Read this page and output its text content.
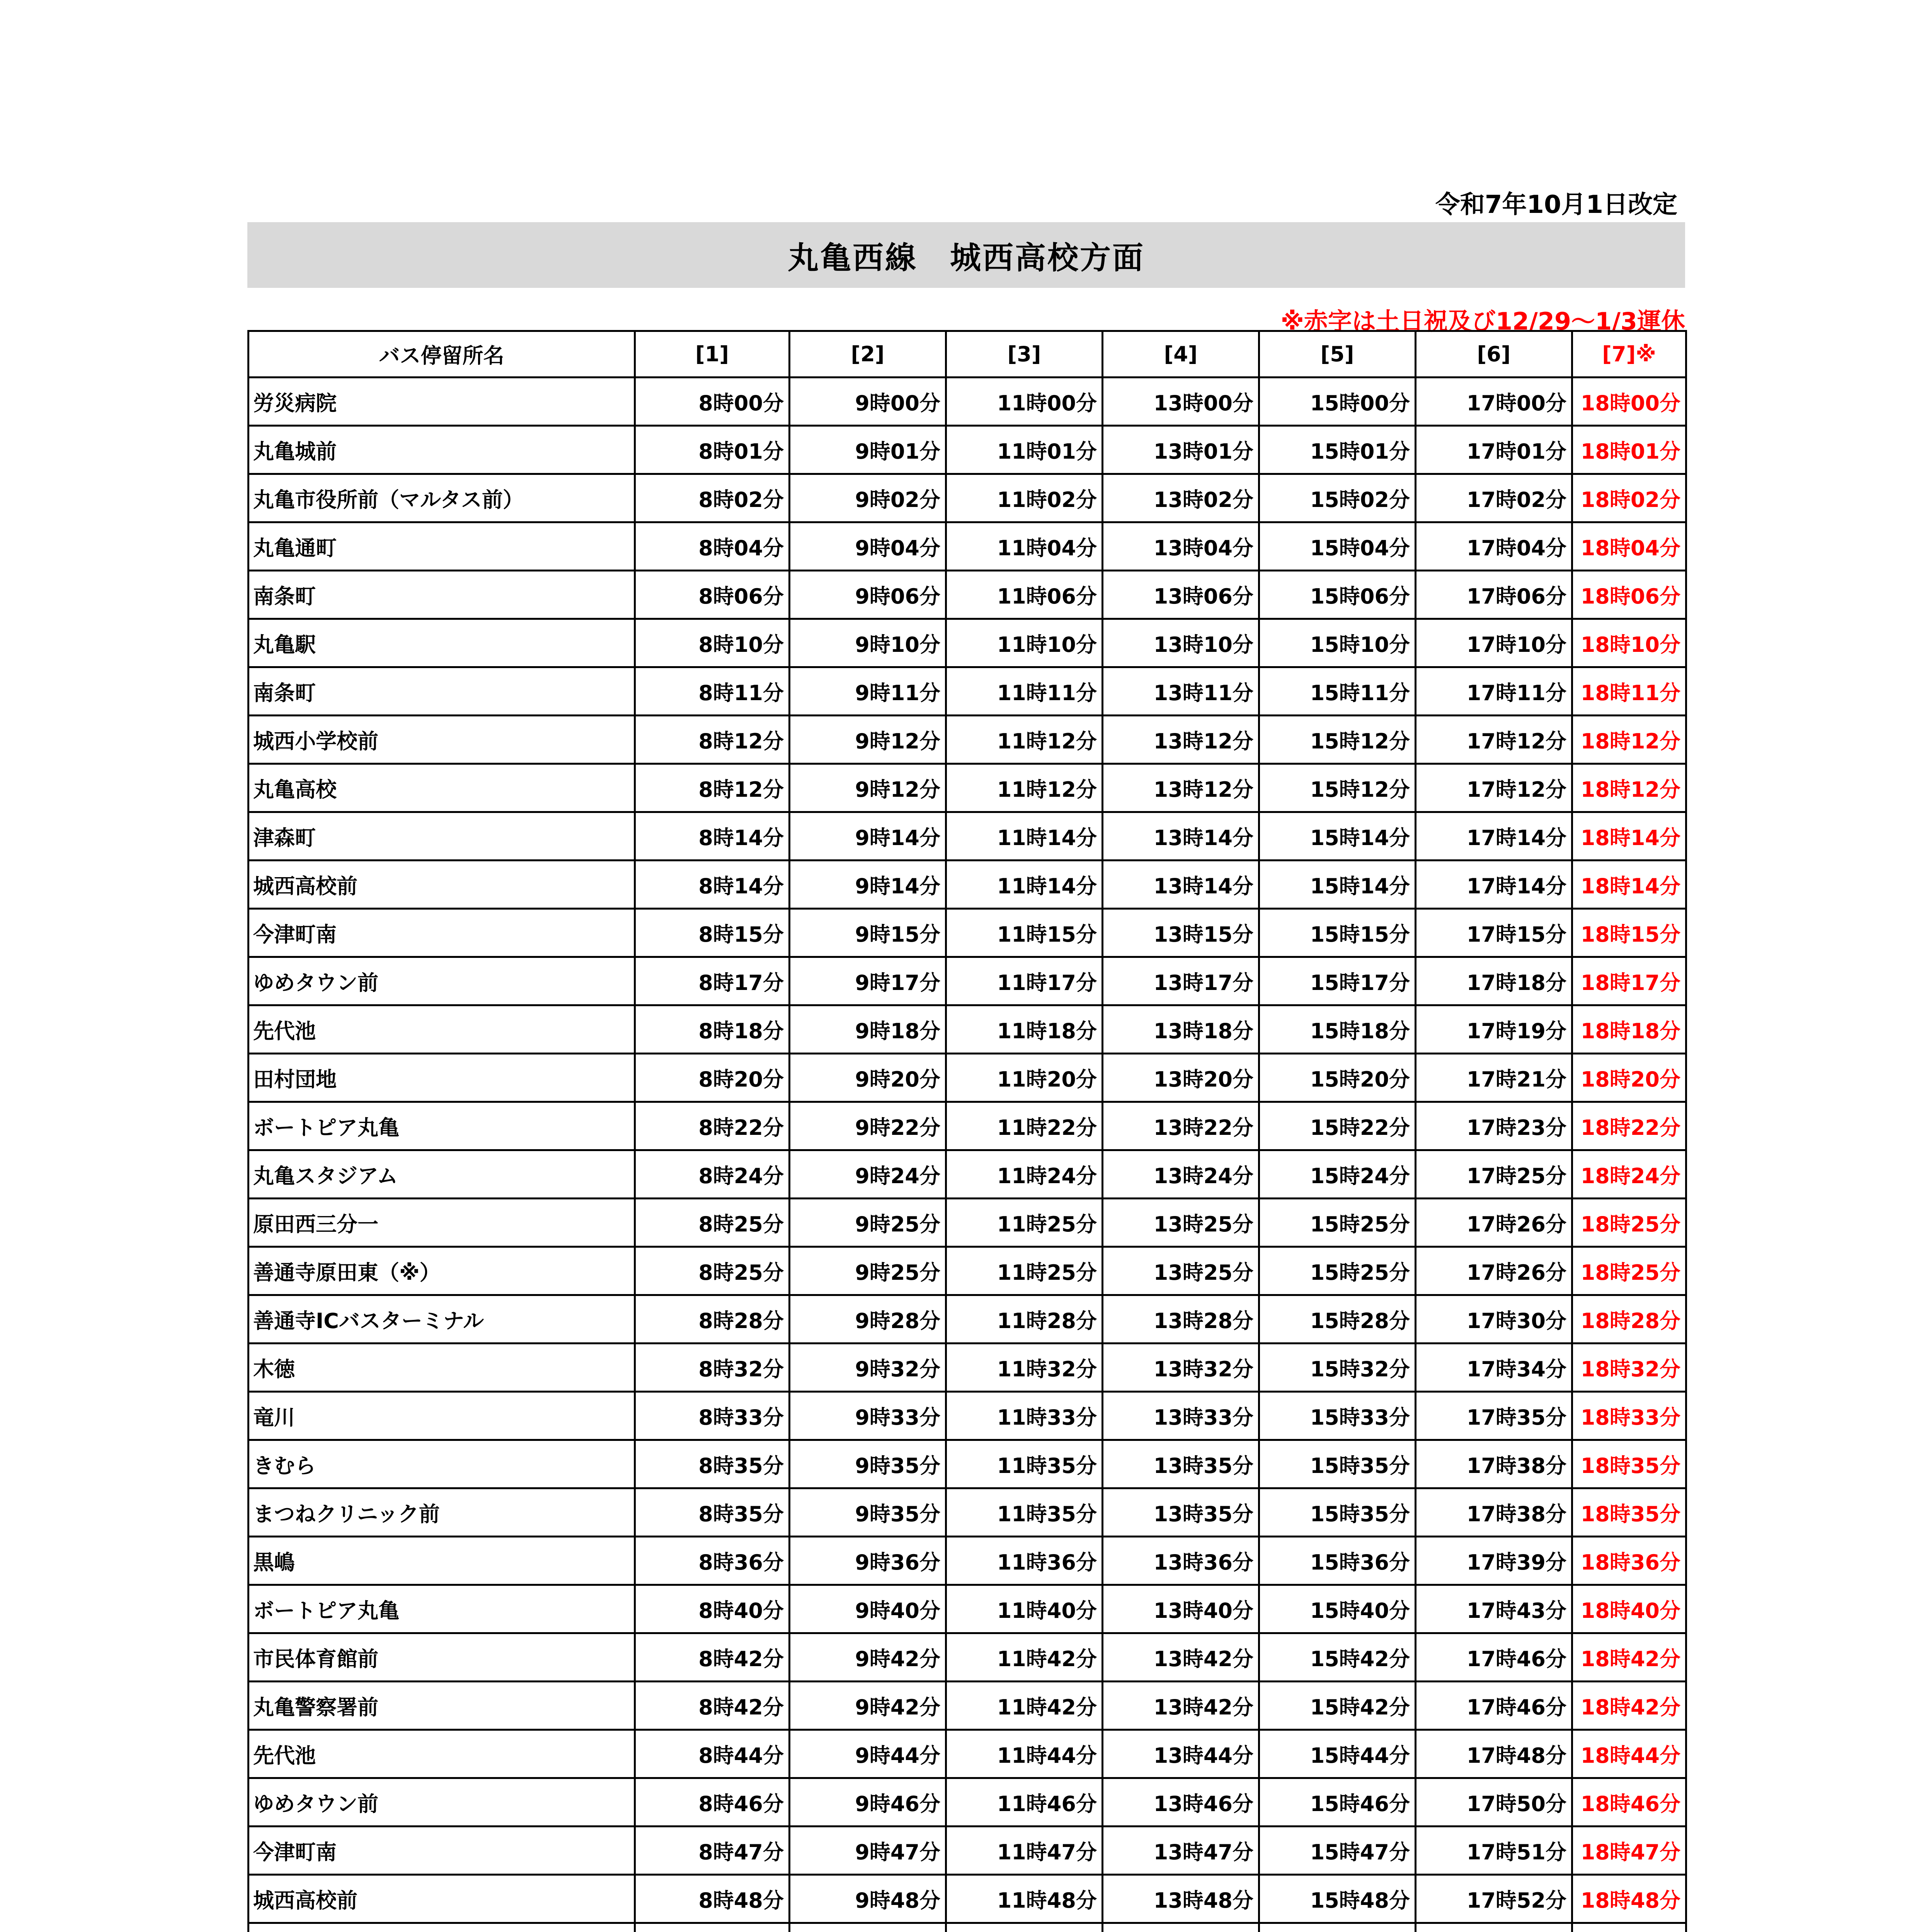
令和7年10月1日改定
丸亀西線　城西高校方面
※赤字は土日祝及び12/29～1/3運休
バス停留所名	[1]	[2]	[3]	[4]	[5]	[6]	[7]※
労災病院	8時00分	9時00分	11時00分	13時00分	15時00分	17時00分	18時00分
丸亀城前	8時01分	9時01分	11時01分	13時01分	15時01分	17時01分	18時01分
丸亀市役所前（マルタス前）	8時02分	9時02分	11時02分	13時02分	15時02分	17時02分	18時02分
丸亀通町	8時04分	9時04分	11時04分	13時04分	15時04分	17時04分	18時04分
南条町	8時06分	9時06分	11時06分	13時06分	15時06分	17時06分	18時06分
丸亀駅	8時10分	9時10分	11時10分	13時10分	15時10分	17時10分	18時10分
南条町	8時11分	9時11分	11時11分	13時11分	15時11分	17時11分	18時11分
城西小学校前	8時12分	9時12分	11時12分	13時12分	15時12分	17時12分	18時12分
丸亀高校	8時12分	9時12分	11時12分	13時12分	15時12分	17時12分	18時12分
津森町	8時14分	9時14分	11時14分	13時14分	15時14分	17時14分	18時14分
城西高校前	8時14分	9時14分	11時14分	13時14分	15時14分	17時14分	18時14分
今津町南	8時15分	9時15分	11時15分	13時15分	15時15分	17時15分	18時15分
ゆめタウン前	8時17分	9時17分	11時17分	13時17分	15時17分	17時18分	18時17分
先代池	8時18分	9時18分	11時18分	13時18分	15時18分	17時19分	18時18分
田村団地	8時20分	9時20分	11時20分	13時20分	15時20分	17時21分	18時20分
ボートピア丸亀	8時22分	9時22分	11時22分	13時22分	15時22分	17時23分	18時22分
丸亀スタジアム	8時24分	9時24分	11時24分	13時24分	15時24分	17時25分	18時24分
原田西三分一	8時25分	9時25分	11時25分	13時25分	15時25分	17時26分	18時25分
善通寺原田東（※）	8時25分	9時25分	11時25分	13時25分	15時25分	17時26分	18時25分
善通寺ICバスターミナル	8時28分	9時28分	11時28分	13時28分	15時28分	17時30分	18時28分
木徳	8時32分	9時32分	11時32分	13時32分	15時32分	17時34分	18時32分
竜川	8時33分	9時33分	11時33分	13時33分	15時33分	17時35分	18時33分
きむら	8時35分	9時35分	11時35分	13時35分	15時35分	17時38分	18時35分
まつねクリニック前	8時35分	9時35分	11時35分	13時35分	15時35分	17時38分	18時35分
黒嶋	8時36分	9時36分	11時36分	13時36分	15時36分	17時39分	18時36分
ボートピア丸亀	8時40分	9時40分	11時40分	13時40分	15時40分	17時43分	18時40分
市民体育館前	8時42分	9時42分	11時42分	13時42分	15時42分	17時46分	18時42分
丸亀警察署前	8時42分	9時42分	11時42分	13時42分	15時42分	17時46分	18時42分
先代池	8時44分	9時44分	11時44分	13時44分	15時44分	17時48分	18時44分
ゆめタウン前	8時46分	9時46分	11時46分	13時46分	15時46分	17時50分	18時46分
今津町南	8時47分	9時47分	11時47分	13時47分	15時47分	17時51分	18時47分
城西高校前	8時48分	9時48分	11時48分	13時48分	15時48分	17時52分	18時48分
